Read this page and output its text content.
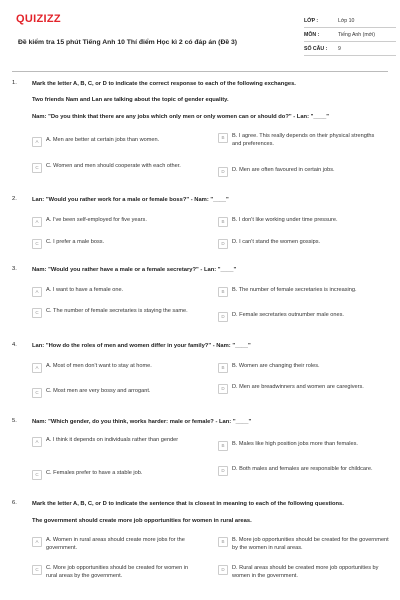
QUIZIZZ
Đề kiểm tra 15 phút Tiếng Anh 10 Thí điểm Học kì 2 có đáp án (Đề 3)
LỚP :	Lớp 10
MÔN :	Tiếng Anh (mới)
SỐ CÂU :	9
1.	Mark the letter A, B, C, or D to indicate the correct response to each of the following exchanges.
Two friends Nam and Lan are talking about the topic of gender equality.
Nam: "Do you think that there are any jobs which only men or only women can or should do?" - Lan: "____"
A	A. Men are better at certain jobs than women.	B	B. I agree. This really depends on their physical strengths and preferences.
C	C. Women and men should cooperate with each other.
D	D. Men are often favoured in certain jobs.
2.	Lan: "Would you rather work for a male or female boss?" - Nam: "____"
A	A. I've been self-employed for five years.	B	B. I don't like working under time pressure.
C	C. I prefer a male boss.	D	D. I can't stand the women gossips.
3.	Nam: "Would you rather have a male or a female secretary?" - Lan: "____"
A	A. I want to have a female one.	B	B. The number of female secretaries is increasing.
C	C. The number of female secretaries is staying the same.
D	D. Female secretaries outnumber male ones.
4.	Lan: "How do the roles of men and women differ in your family?" - Nam: "____"
A	A. Most of men don't want to stay at home.	B	B. Women are changing their roles.
C	C. Most men are very bossy and arrogant.	D	D. Men are breadwinners and women are caregivers.
5.	Nam: "Which gender, do you think, works harder: male or female? - Lan: "____"
A	A. I think it depends on individuals rather than gender
B	B. Males like high position jobs more than females.
C	C. Females prefer to have a stable job.	D	D. Both males and females are responsible for childcare.
6.	Mark the letter A, B, C, or D to indicate the sentence that is closest in meaning to each of the following questions.
The government should create more job opportunities for women in rural areas.
A	A. Women in rural areas should create more jobs for the government.
B	B. More job opportunities should be created for the government by the women in rural areas.
C	C. More job opportunities should be created for women in rural areas by the government.
D	D. Rural areas should be created more job opportunities by women in the government.
